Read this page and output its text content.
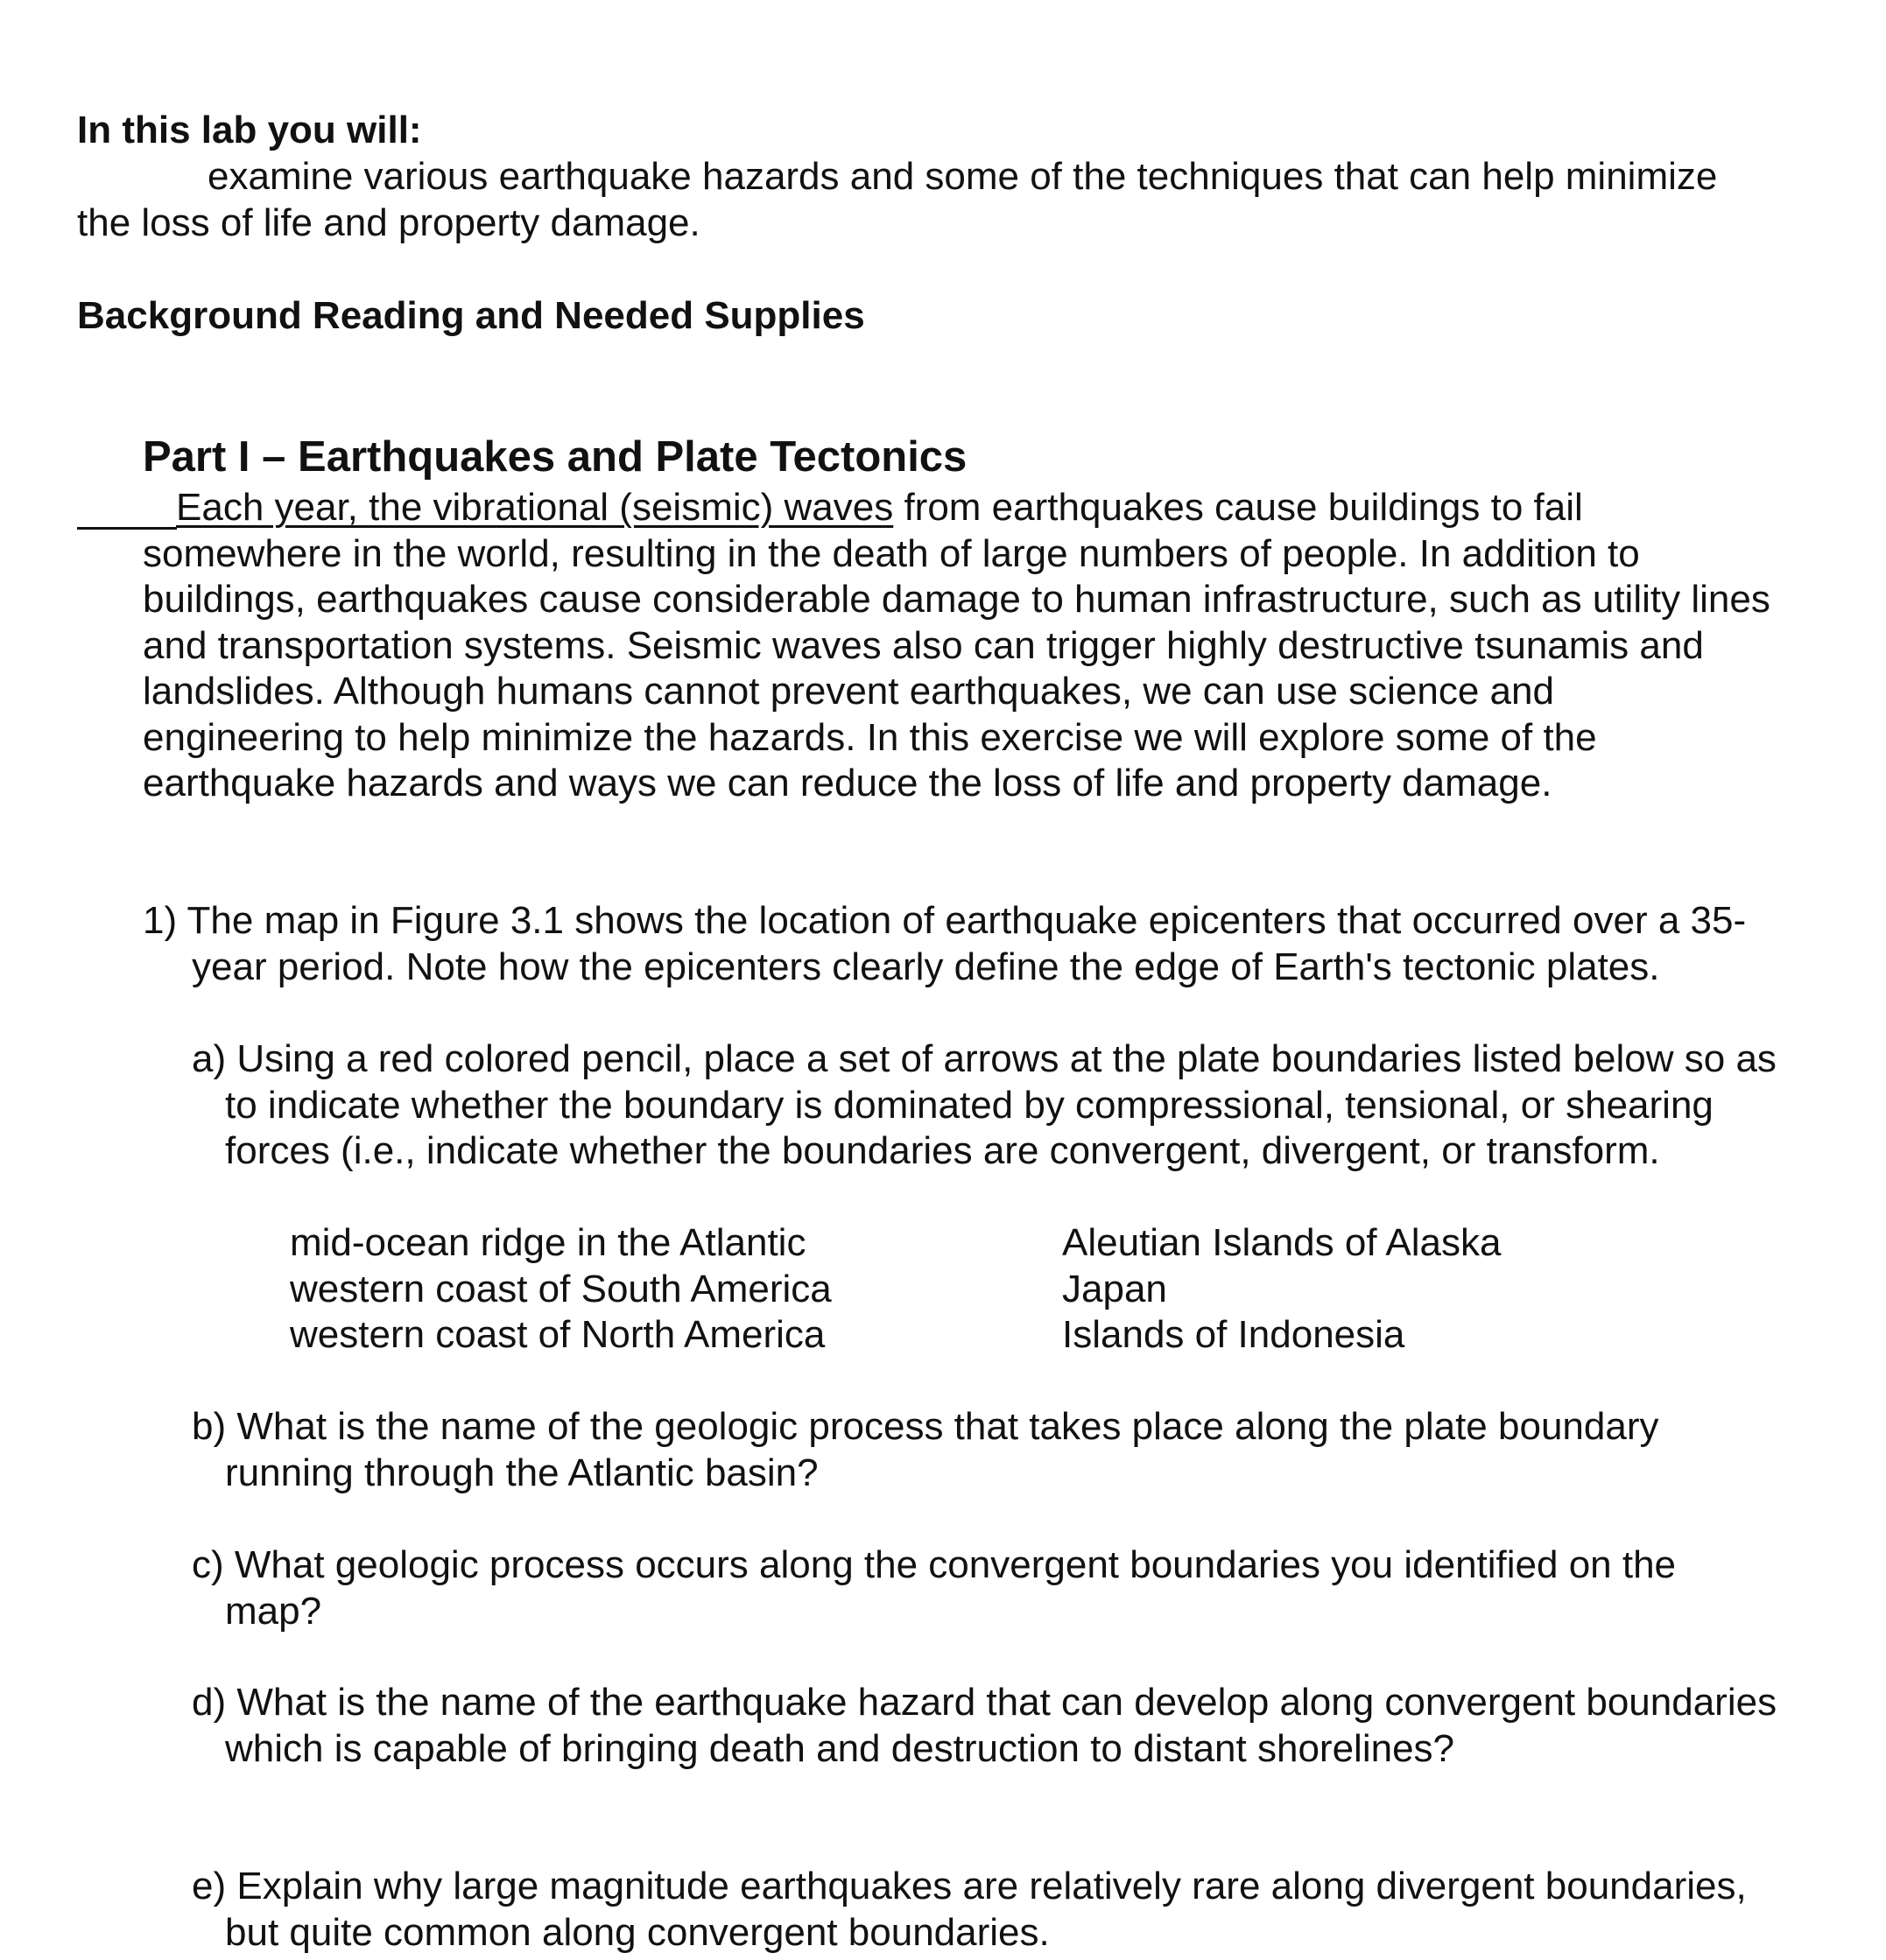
In this lab you will:
examine various earthquake hazards and some of the techniques that can help minimize
the loss of life and property damage.
Background Reading and Needed Supplies
Part I – Earthquakes and Plate Tectonics
Each year, the vibrational (seismic) waves from earthquakes cause buildings to fail
somewhere in the world, resulting in the death of large numbers of people. In addition to
buildings, earthquakes cause considerable damage to human infrastructure, such as utility lines
and transportation systems. Seismic waves also can trigger highly destructive tsunamis and
landslides. Although humans cannot prevent earthquakes, we can use science and
engineering to help minimize the hazards. In this exercise we will explore some of the
earthquake hazards and ways we can reduce the loss of life and property damage.
1) The map in Figure 3.1 shows the location of earthquake epicenters that occurred over a 35-
year period. Note how the epicenters clearly define the edge of Earth's tectonic plates.
a) Using a red colored pencil, place a set of arrows at the plate boundaries listed below so as
to indicate whether the boundary is dominated by compressional, tensional, or shearing
forces (i.e., indicate whether the boundaries are convergent, divergent, or transform.
mid-ocean ridge in the Atlantic
western coast of South America
western coast of North America
Aleutian Islands of Alaska
Japan
Islands of Indonesia
b) What is the name of the geologic process that takes place along the plate boundary
running through the Atlantic basin?
c) What geologic process occurs along the convergent boundaries you identified on the
map?
d) What is the name of the earthquake hazard that can develop along convergent boundaries
which is capable of bringing death and destruction to distant shorelines?
e) Explain why large magnitude earthquakes are relatively rare along divergent boundaries,
but quite common along convergent boundaries.
